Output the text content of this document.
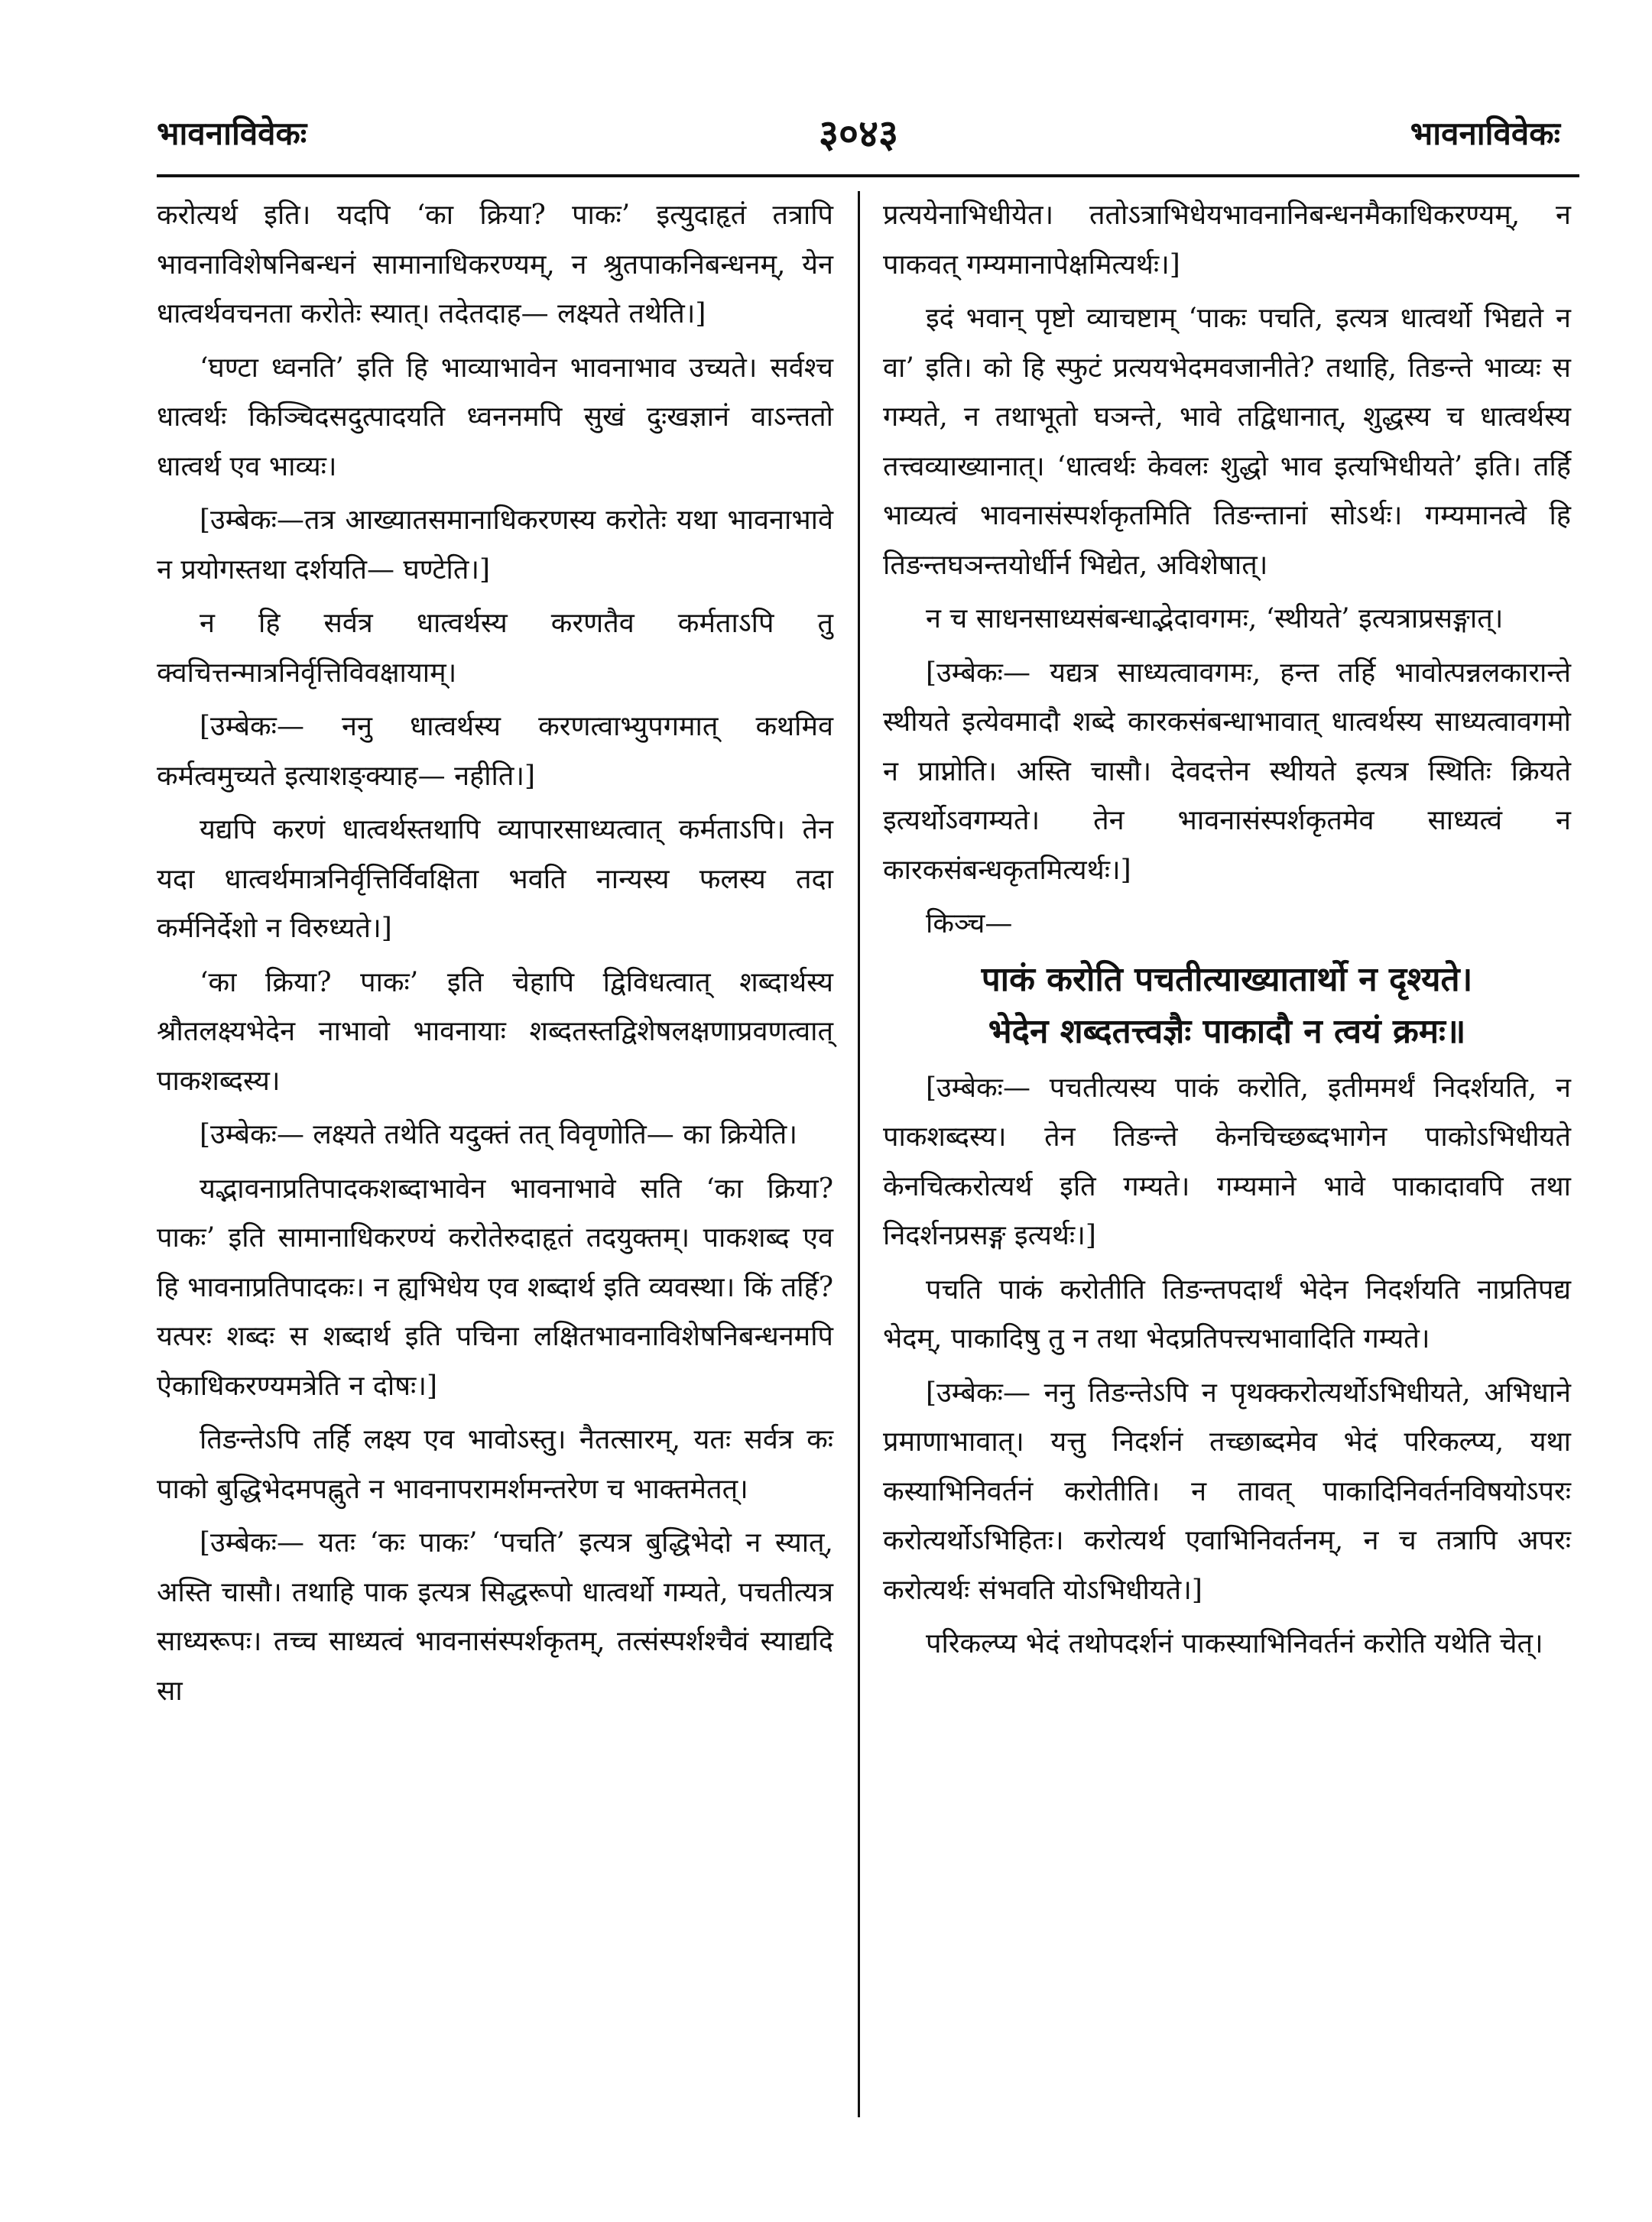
भावनाविवेकः	३०४३	भावनाविवेकः

करोत्यर्थ इति। यदपि ‘का क्रिया? पाकः’ इत्युदाहृतं तत्रापि भावनाविशेषनिबन्धनं सामानाधिकरण्यम्, न श्रुतपाकनिबन्धनम्, येन धात्वर्थवचनता करोतेः स्यात्। तदेतदाह— लक्ष्यते तथेति।]

‘घण्टा ध्वनति’ इति हि भाव्याभावेन भावनाभाव उच्यते। सर्वश्च धात्वर्थः किञ्चिदसदुत्पादयति ध्वननमपि सुखं दुःखज्ञानं वाऽन्ततो धात्वर्थ एव भाव्यः।

[उम्बेकः—तत्र आख्यातसमानाधिकरणस्य करोतेः यथा भावनाभावे न प्रयोगस्तथा दर्शयति— घण्टेति।]

न हि सर्वत्र धात्वर्थस्य करणतैव कर्मताऽपि तु क्वचित्तन्मात्रनिर्वृत्तिविवक्षायाम्।

[उम्बेकः— ननु धात्वर्थस्य करणत्वाभ्युपगमात् कथमिव कर्मत्वमुच्यते इत्याशङ्क्याह— नहीति।]

यद्यपि करणं धात्वर्थस्तथापि व्यापारसाध्यत्वात् कर्मताऽपि। तेन यदा धात्वर्थमात्रनिर्वृत्तिर्विवक्षिता भवति नान्यस्य फलस्य तदा कर्मनिर्देशो न विरुध्यते।]

‘का क्रिया? पाकः’ इति चेहापि द्विविधत्वात् शब्दार्थस्य श्रौतलक्ष्यभेदेन नाभावो भावनायाः शब्दतस्तद्विशेषलक्षणाप्रवणत्वात् पाकशब्दस्य।

[उम्बेकः— लक्ष्यते तथेति यदुक्तं तत् विवृणोति— का क्रियेति।

यद्भावनाप्रतिपादकशब्दाभावेन भावनाभावे सति ‘का क्रिया? पाकः’ इति सामानाधिकरण्यं करोतेरुदाहृतं तदयुक्तम्। पाकशब्द एव हि भावनाप्रतिपादकः। न ह्यभिधेय एव शब्दार्थ इति व्यवस्था। किं तर्हि? यत्परः शब्दः स शब्दार्थ इति पचिना लक्षितभावनाविशेषनिबन्धनमपि ऐकाधिकरण्यमत्रेति न दोषः।]

तिङन्तेऽपि तर्हि लक्ष्य एव भावोऽस्तु। नैतत्सारम्, यतः सर्वत्र कः पाको बुद्धिभेदमपह्नुते न भावनापरामर्शमन्तरेण च भाक्तमेतत्।

[उम्बेकः— यतः ‘कः पाकः’ ‘पचति’ इत्यत्र बुद्धिभेदो न स्यात्, अस्ति चासौ। तथाहि पाक इत्यत्र सिद्धरूपो धात्वर्थो गम्यते, पचतीत्यत्र साध्यरूपः। तच्च साध्यत्वं भावनासंस्पर्शकृतम्, तत्संस्पर्शश्चैवं स्याद्यदि सा

प्रत्ययेनाभिधीयेत। ततोऽत्राभिधेयभावनानिबन्धनमैकाधिकरण्यम्, न पाकवत् गम्यमानापेक्षमित्यर्थः।]

इदं भवान् पृष्टो व्याचष्टाम् ‘पाकः पचति, इत्यत्र धात्वर्थो भिद्यते न वा’ इति। को हि स्फुटं प्रत्ययभेदमवजानीते? तथाहि, तिङन्ते भाव्यः स गम्यते, न तथाभूतो घञन्ते, भावे तद्विधानात्, शुद्धस्य च धात्वर्थस्य तत्त्वव्याख्यानात्। ‘धात्वर्थः केवलः शुद्धो भाव इत्यभिधीयते’ इति। तर्हि भाव्यत्वं भावनासंस्पर्शकृतमिति तिङन्तानां सोऽर्थः। गम्यमानत्वे हि तिङन्तघञन्तयोर्धीर्न भिद्येत, अविशेषात्।

न च साधनसाध्यसंबन्धाद्भेदावगमः, ‘स्थीयते’ इत्यत्राप्रसङ्गात्।

[उम्बेकः— यद्यत्र साध्यत्वावगमः, हन्त तर्हि भावोत्पन्नलकारान्ते स्थीयते इत्येवमादौ शब्दे कारकसंबन्धाभावात् धात्वर्थस्य साध्यत्वावगमो न प्राप्नोति। अस्ति चासौ। देवदत्तेन स्थीयते इत्यत्र स्थितिः क्रियते इत्यर्थोऽवगम्यते। तेन भावनासंस्पर्शकृतमेव साध्यत्वं न कारकसंबन्धकृतमित्यर्थः।]

किञ्च—

पाकं करोति पचतीत्याख्यातार्थो न दृश्यते।
भेदेन शब्दतत्त्वज्ञैः पाकादौ न त्वयं क्रमः॥

[उम्बेकः— पचतीत्यस्य पाकं करोति, इतीममर्थं निदर्शयति, न पाकशब्दस्य। तेन तिङन्ते केनचिच्छब्दभागेन पाकोऽभिधीयते केनचित्करोत्यर्थ इति गम्यते। गम्यमाने भावे पाकादावपि तथा निदर्शनप्रसङ्ग इत्यर्थः।]

पचति पाकं करोतीति तिङन्तपदार्थं भेदेन निदर्शयति नाप्रतिपद्य भेदम्, पाकादिषु तु न तथा भेदप्रतिपत्त्यभावादिति गम्यते।

[उम्बेकः— ननु तिङन्तेऽपि न पृथक्करोत्यर्थोऽभिधीयते, अभिधाने प्रमाणाभावात्। यत्तु निदर्शनं तच्छाब्दमेव भेदं परिकल्प्य, यथा कस्याभिनिवर्तनं करोतीति। न तावत् पाकादिनिवर्तनविषयोऽपरः करोत्यर्थोऽभिहितः। करोत्यर्थ एवाभिनिवर्तनम्, न च तत्रापि अपरः करोत्यर्थः संभवति योऽभिधीयते।]

परिकल्प्य भेदं तथोपदर्शनं पाकस्याभिनिवर्तनं करोति यथेति चेत्।
